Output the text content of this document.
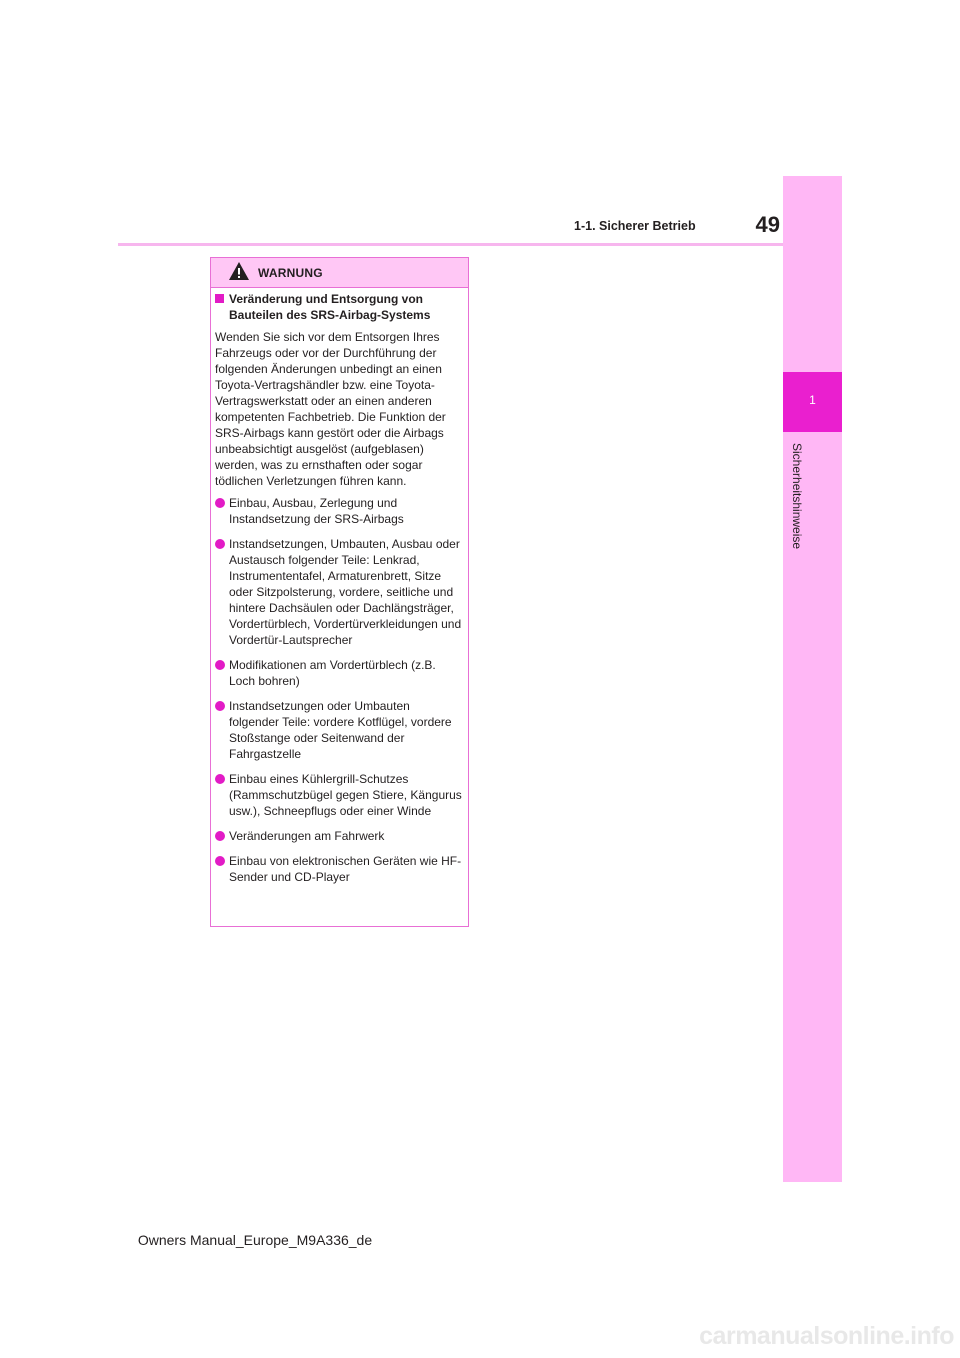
1
Sicherheitshinweise
1-1. Sicherer Betrieb	49
WARNUNG
Veränderung und Entsorgung von Bauteilen des SRS-Airbag-Systems

Wenden Sie sich vor dem Entsorgen Ihres Fahrzeugs oder vor der Durchführung der folgenden Änderungen unbedingt an einen Toyota-Vertragshändler bzw. eine Toyota-Vertragswerkstatt oder an einen anderen kompetenten Fachbetrieb. Die Funktion der SRS-Airbags kann gestört oder die Airbags unbeabsichtigt ausgelöst (aufgeblasen) werden, was zu ernsthaften oder sogar tödlichen Verletzungen führen kann.

Einbau, Ausbau, Zerlegung und Instandsetzung der SRS-Airbags
Instandsetzungen, Umbauten, Ausbau oder Austausch folgender Teile: Lenkrad, Instrumententafel, Armaturenbrett, Sitze oder Sitzpolsterung, vordere, seitliche und hintere Dachsäulen oder Dachlängsträger, Vordertürblech, Vordertürverkleidungen und Vordertür-Lautsprecher
Modifikationen am Vordertürblech (z.B. Loch bohren)
Instandsetzungen oder Umbauten folgender Teile: vordere Kotflügel, vordere Stoßstange oder Seitenwand der Fahrgastzelle
Einbau eines Kühlergrill-Schutzes (Rammschutzbügel gegen Stiere, Kängurus usw.), Schneepflugs oder einer Winde
Veränderungen am Fahrwerk
Einbau von elektronischen Geräten wie HF-Sender und CD-Player
Owners Manual_Europe_M9A336_de
carmanualsonline.info
